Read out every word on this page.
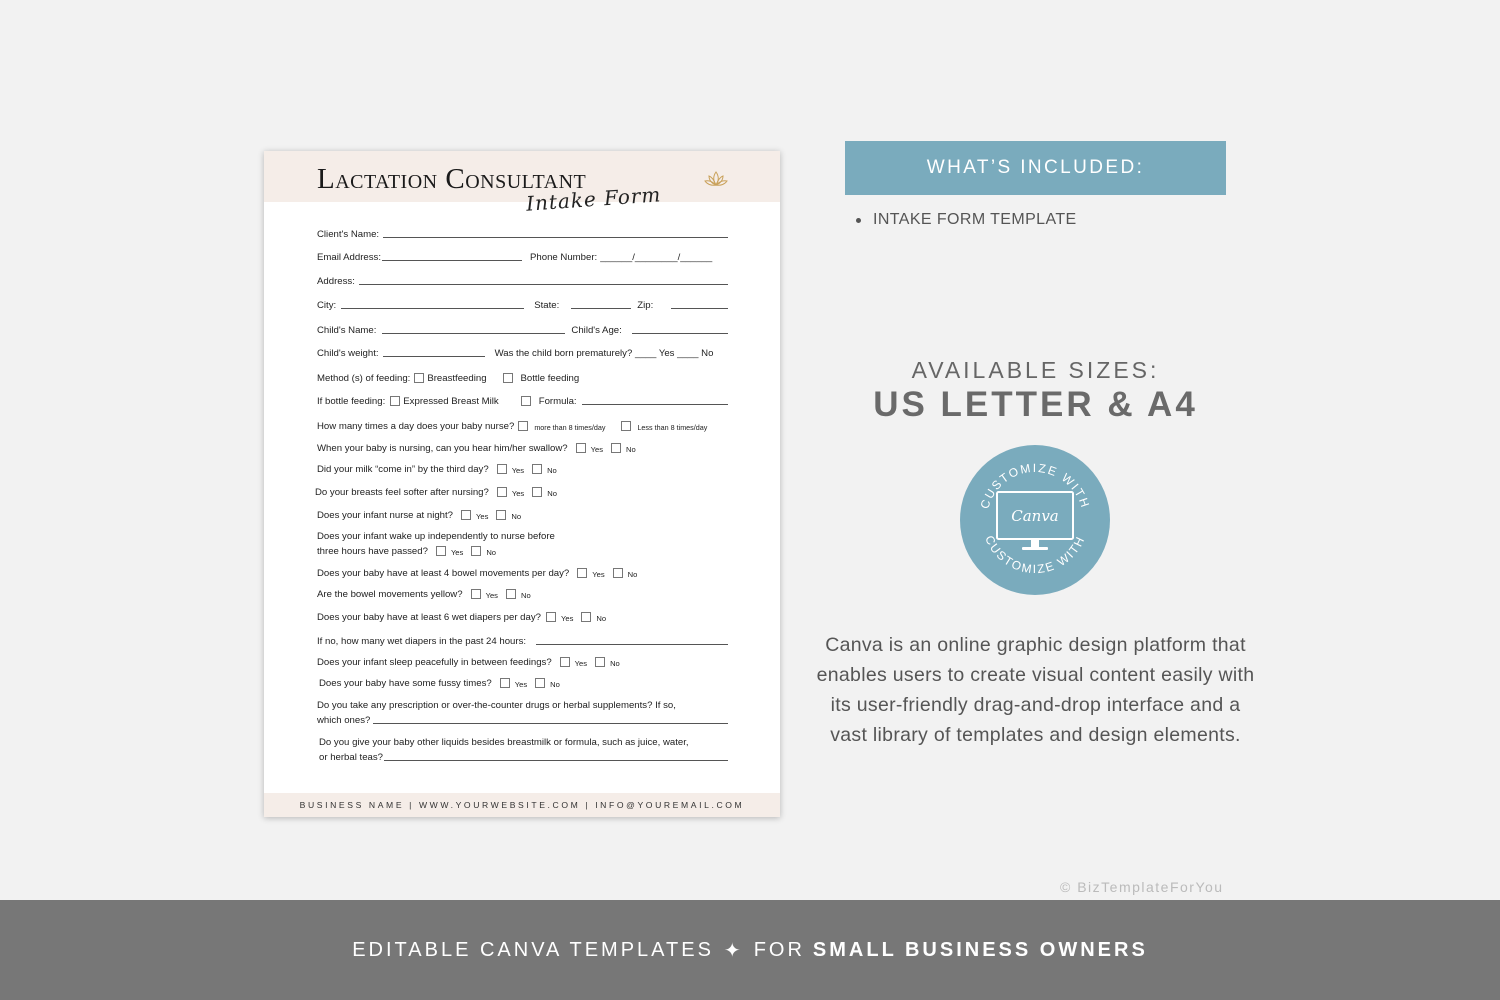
Lactation Consultant
Intake Form
Client's Name:
Email Address:	Phone Number: ______/________/______
Address:
City:	State:	Zip:
Child's Name:	Child's Age:
Child's weight:	Was the child born prematurely? ____ Yes ____ No
Method (s) of feeding: Breastfeeding	Bottle feeding
If bottle feeding: Expressed Breast Milk	Formula:
How many times a day does your baby nurse?	more than 8 times/day	Less than 8 times/day
When your baby is nursing, can you hear him/her swallow?	Yes	No
Did your milk “come in” by the third day?	Yes	No
Do your breasts feel softer after nursing?	Yes	No
Does your infant nurse at night?	Yes	No
Does your infant wake up independently to nurse before
three hours have passed?	Yes	No
Does your baby have at least 4 bowel movements per day?	Yes	No
Are the bowel movements yellow?	Yes	No
Does your baby have at least 6 wet diapers per day?	Yes	No
If no, how many wet diapers in the past 24 hours:
Does your infant sleep peacefully in between feedings?	Yes	No
Does your baby have some fussy times?	Yes	No
Do you take any prescription or over-the-counter drugs or herbal supplements? If so,
which ones?
Do you give your baby other liquids besides breastmilk or formula, such as juice, water,
or herbal teas?
BUSINESS NAME | WWW.YOURWEBSITE.COM | INFO@YOUREMAIL.COM
WHAT’S INCLUDED:
INTAKE FORM TEMPLATE
AVAILABLE SIZES:
US LETTER & A4
CUSTOMIZE WITH
CUSTOMIZE WITH
Canva
Canva is an online graphic design platform that enables users to create visual content easily with its user-friendly drag-and-drop interface and a vast library of templates and design elements.
© BizTemplateForYou
EDITABLE CANVA TEMPLATES ✦ FOR SMALL BUSINESS OWNERS
